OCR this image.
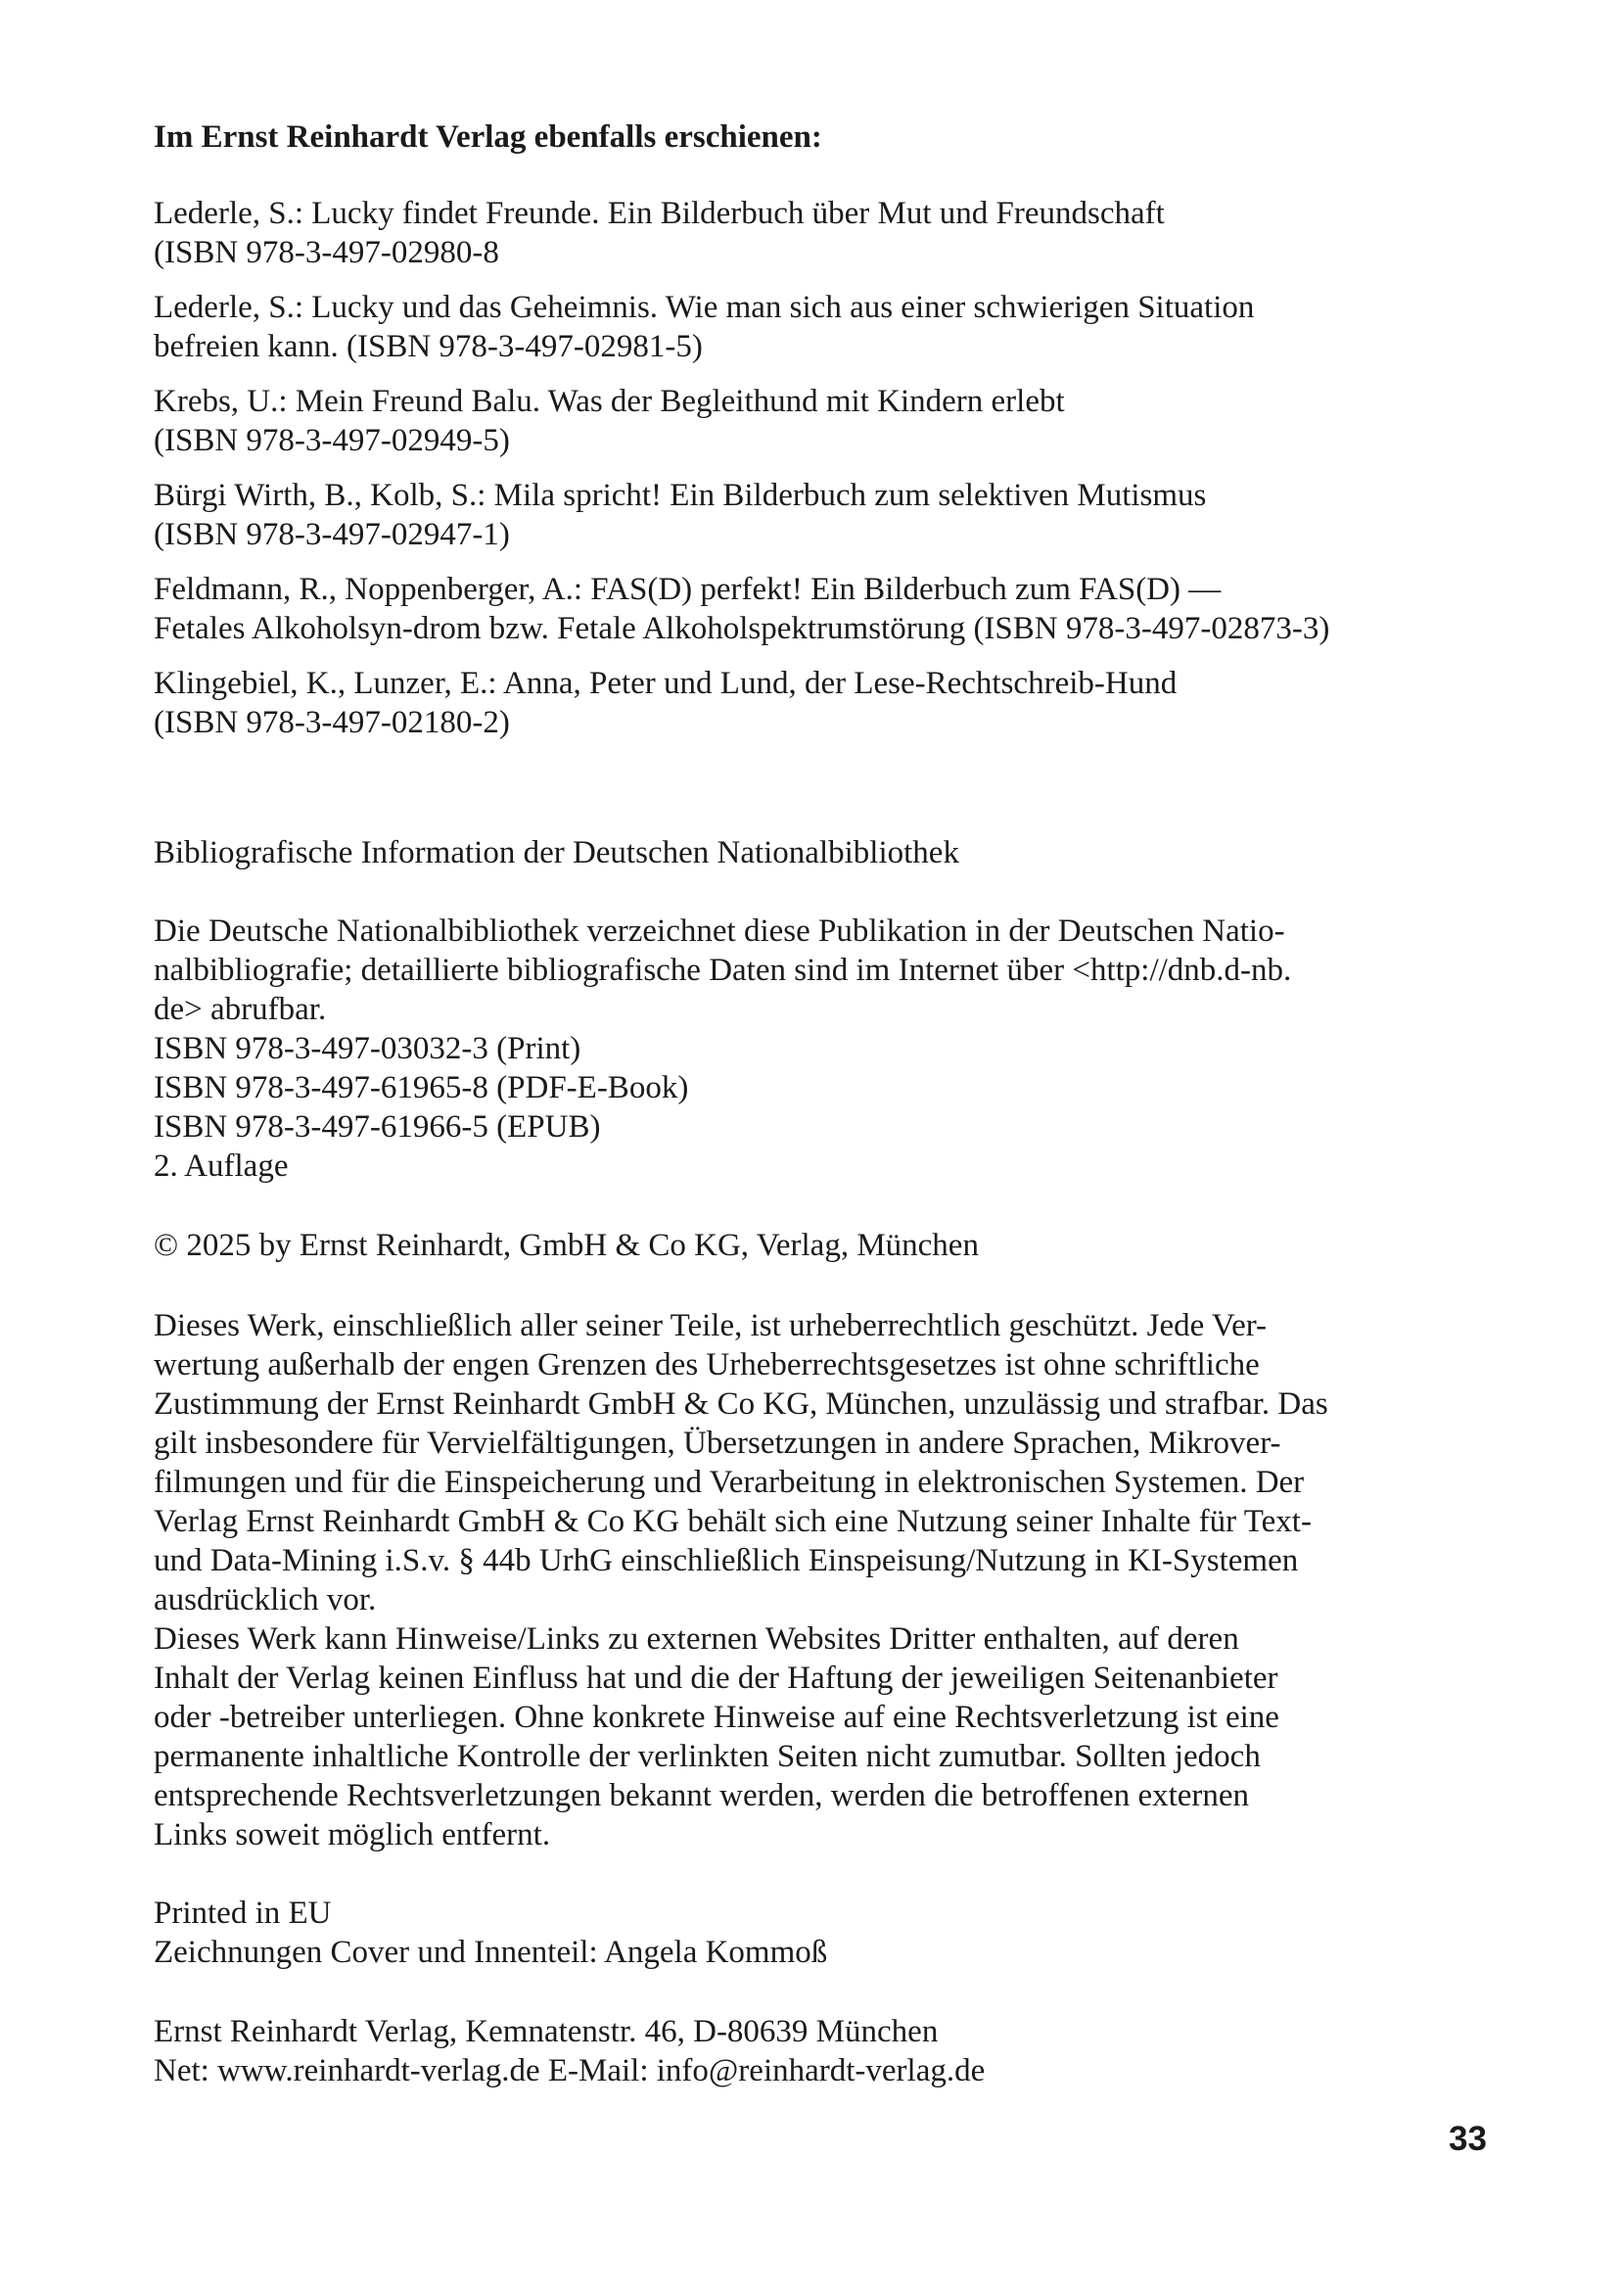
Im Ernst Reinhardt Verlag ebenfalls erschienen:
Lederle, S.: Lucky findet Freunde. Ein Bilderbuch über Mut und Freundschaft
(ISBN 978-3-497-02980-8
Lederle, S.: Lucky und das Geheimnis. Wie man sich aus einer schwierigen Situation
befreien kann. (ISBN 978-3-497-02981-5)
Krebs, U.: Mein Freund Balu. Was der Begleithund mit Kindern erlebt
(ISBN 978-3-497-02949-5)
Bürgi Wirth, B., Kolb, S.: Mila spricht! Ein Bilderbuch zum selektiven Mutismus
(ISBN 978-3-497-02947-1)
Feldmann, R., Noppenberger, A.: FAS(D) perfekt! Ein Bilderbuch zum FAS(D) —
Fetales Alkoholsyn-drom bzw. Fetale Alkoholspektrumstörung (ISBN 978-3-497-02873-3)
Klingebiel, K., Lunzer, E.: Anna, Peter und Lund, der Lese-Rechtschreib-Hund
(ISBN 978-3-497-02180-2)
Bibliografische Information der Deutschen Nationalbibliothek
Die Deutsche Nationalbibliothek verzeichnet diese Publikation in der Deutschen Natio-
nalbibliografie; detaillierte bibliografische Daten sind im Internet über <http://dnb.d-nb.
de> abrufbar.
ISBN 978-3-497-03032-3 (Print)
ISBN 978-3-497-61965-8 (PDF-E-Book)
ISBN 978-3-497-61966-5 (EPUB)
2. Auflage
© 2025 by Ernst Reinhardt, GmbH & Co KG, Verlag, München
Dieses Werk, einschließlich aller seiner Teile, ist urheberrechtlich geschützt. Jede Ver-
wertung außerhalb der engen Grenzen des Urheberrechtsgesetzes ist ohne schriftliche
Zustimmung der Ernst Reinhardt GmbH & Co KG, München, unzulässig und strafbar. Das
gilt insbesondere für Vervielfältigungen, Übersetzungen in andere Sprachen, Mikrover-
filmungen und für die Einspeicherung und Verarbeitung in elektronischen Systemen. Der
Verlag Ernst Reinhardt GmbH & Co KG behält sich eine Nutzung seiner Inhalte für Text-
und Data-Mining i.S.v. § 44b UrhG einschließlich Einspeisung/Nutzung in KI-Systemen
ausdrücklich vor.
Dieses Werk kann Hinweise/Links zu externen Websites Dritter enthalten, auf deren
Inhalt der Verlag keinen Einfluss hat und die der Haftung der jeweiligen Seitenanbieter
oder -betreiber unterliegen. Ohne konkrete Hinweise auf eine Rechtsverletzung ist eine
permanente inhaltliche Kontrolle der verlinkten Seiten nicht zumutbar. Sollten jedoch
entsprechende Rechtsverletzungen bekannt werden, werden die betroffenen externen
Links soweit möglich entfernt.
Printed in EU
Zeichnungen Cover und Innenteil: Angela Kommoß
Ernst Reinhardt Verlag, Kemnatenstr. 46, D-80639 München
Net: www.reinhardt-verlag.de E-Mail: info@reinhardt-verlag.de
33
